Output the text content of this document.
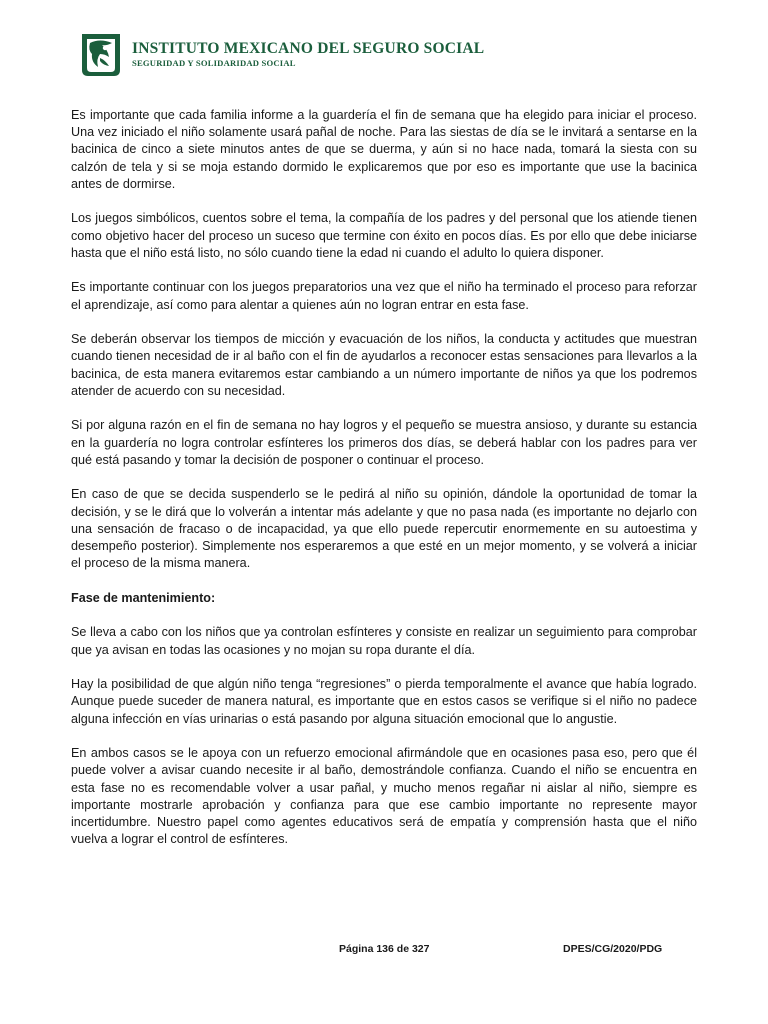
INSTITUTO MEXICANO DEL SEGURO SOCIAL
SEGURIDAD Y SOLIDARIDAD SOCIAL

Es importante que cada familia informe a la guardería el fin de semana que ha elegido para iniciar el proceso. Una vez iniciado el niño solamente usará pañal de noche. Para las siestas de día se le invitará a sentarse en la bacinica de cinco a siete minutos antes de que se duerma, y aún si no hace nada, tomará la siesta con su calzón de tela y si se moja estando dormido le explicaremos que por eso es importante que use la bacinica antes de dormirse.

Los juegos simbólicos, cuentos sobre el tema, la compañía de los padres y del personal que los atiende tienen como objetivo hacer del proceso un suceso que termine con éxito en pocos días. Es por ello que debe iniciarse hasta que el niño está listo, no sólo cuando tiene la edad ni cuando el adulto lo quiera disponer.

Es importante continuar con los juegos preparatorios una vez que el niño ha terminado el proceso para reforzar el aprendizaje, así como para alentar a quienes aún no logran entrar en esta fase.

Se deberán observar los tiempos de micción y evacuación de los niños, la conducta y actitudes que muestran cuando tienen necesidad de ir al baño con el fin de ayudarlos a reconocer estas sensaciones para llevarlos a la bacinica, de esta manera evitaremos estar cambiando a un número importante de niños ya que los podremos atender de acuerdo con su necesidad.

Si por alguna razón en el fin de semana no hay logros y el pequeño se muestra ansioso, y durante su estancia en la guardería no logra controlar esfínteres los primeros dos días, se deberá hablar con los padres para ver qué está pasando y tomar la decisión de posponer o continuar el proceso.

En caso de que se decida suspenderlo se le pedirá al niño su opinión, dándole la oportunidad de tomar la decisión, y se le dirá que lo volverán a intentar más adelante y que no pasa nada (es importante no dejarlo con una sensación de fracaso o de incapacidad, ya que ello puede repercutir enormemente en su autoestima y desempeño posterior). Simplemente nos esperaremos a que esté en un mejor momento, y se volverá a iniciar el proceso de la misma manera.

Fase de mantenimiento:

Se lleva a cabo con los niños que ya controlan esfínteres y consiste en realizar un seguimiento para comprobar que ya avisan en todas las ocasiones y no mojan su ropa durante el día.

Hay la posibilidad de que algún niño tenga “regresiones” o pierda temporalmente el avance que había logrado. Aunque puede suceder de manera natural, es importante que en estos casos se verifique si el niño no padece alguna infección en vías urinarias o está pasando por alguna situación emocional que lo angustie.

En ambos casos se le apoya con un refuerzo emocional afirmándole que en ocasiones pasa eso, pero que él puede volver a avisar cuando necesite ir al baño, demostrándole confianza. Cuando el niño se encuentra en esta fase no es recomendable volver a usar pañal, y mucho menos regañar ni aislar al niño, siempre es importante mostrarle aprobación y confianza para que ese cambio importante no represente mayor incertidumbre. Nuestro papel como agentes educativos será de empatía y comprensión hasta que el niño vuelva a lograr el control de esfínteres.

Página 136 de 327	DPES/CG/2020/PDG
